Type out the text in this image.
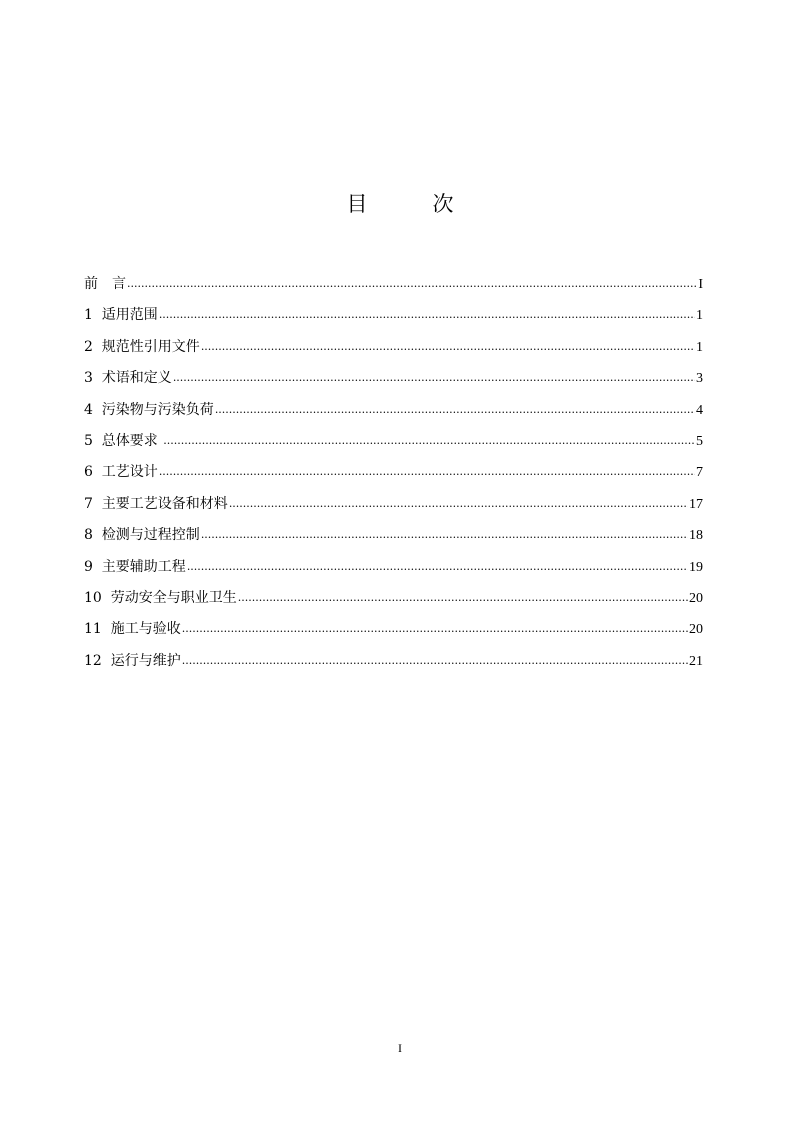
目　次
前　言 .....	I
1  适用范围 .....	1
2  规范性引用文件 .....	1
3  术语和定义 .....	3
4  污染物与污染负荷 .....	4
5  总体要求 .....	5
6  工艺设计 .....	7
7  主要工艺设备和材料 .....	17
8  检测与过程控制 .....	18
9  主要辅助工程 .....	19
10  劳动安全与职业卫生 .....	20
11  施工与验收 .....	20
12  运行与维护 .....	21
I
